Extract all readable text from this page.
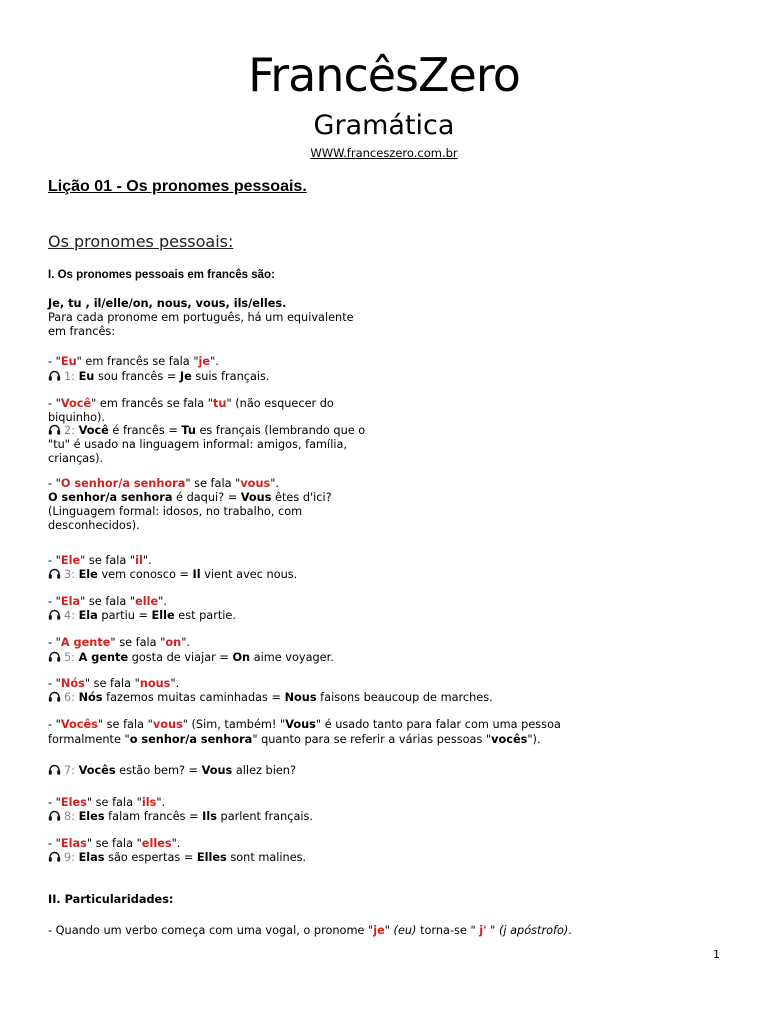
FrancêsZero
Gramática
WWW.franceszero.com.br
Lição 01 - Os pronomes pessoais.
Os pronomes pessoais:
I. Os pronomes pessoais em francês são:
Je, tu , il/elle/on, nous, vous, ils/elles.
Para cada pronome em português, há um equivalente
em francês:
- "Eu" em francês se fala "je".
1: Eu sou francês = Je suis français.
- "Você" em francês se fala "tu" (não esquecer do
biquinho).
2: Você é francês = Tu es français (lembrando que o
"tu" é usado na linguagem informal: amigos, família,
crianças).
- "O senhor/a senhora" se fala "vous".
O senhor/a senhora é daqui? = Vous êtes d'ici?
(Linguagem formal: idosos, no trabalho, com
desconhecidos).
- "Ele" se fala "il".
3: Ele vem conosco = Il vient avec nous.
- "Ela" se fala "elle".
4: Ela partiu = Elle est partie.
- "A gente" se fala "on".
5: A gente gosta de viajar = On aime voyager.
- "Nós" se fala "nous".
6: Nós fazemos muitas caminhadas = Nous faisons beaucoup de marches.
- "Vocês" se fala "vous" (Sim, também! "Vous" é usado tanto para falar com uma pessoa
formalmente "o senhor/a senhora" quanto para se referir a várias pessoas "vocês").
7: Vocês estão bem? = Vous allez bien?
- "Eles" se fala "ils".
8: Eles falam francês = Ils parlent français.
- "Elas" se fala "elles".
9: Elas são espertas = Elles sont malines.
II. Particularidades:
- Quando um verbo começa com uma vogal, o pronome "je" (eu) torna-se " j' " (j apóstrofo).
1
